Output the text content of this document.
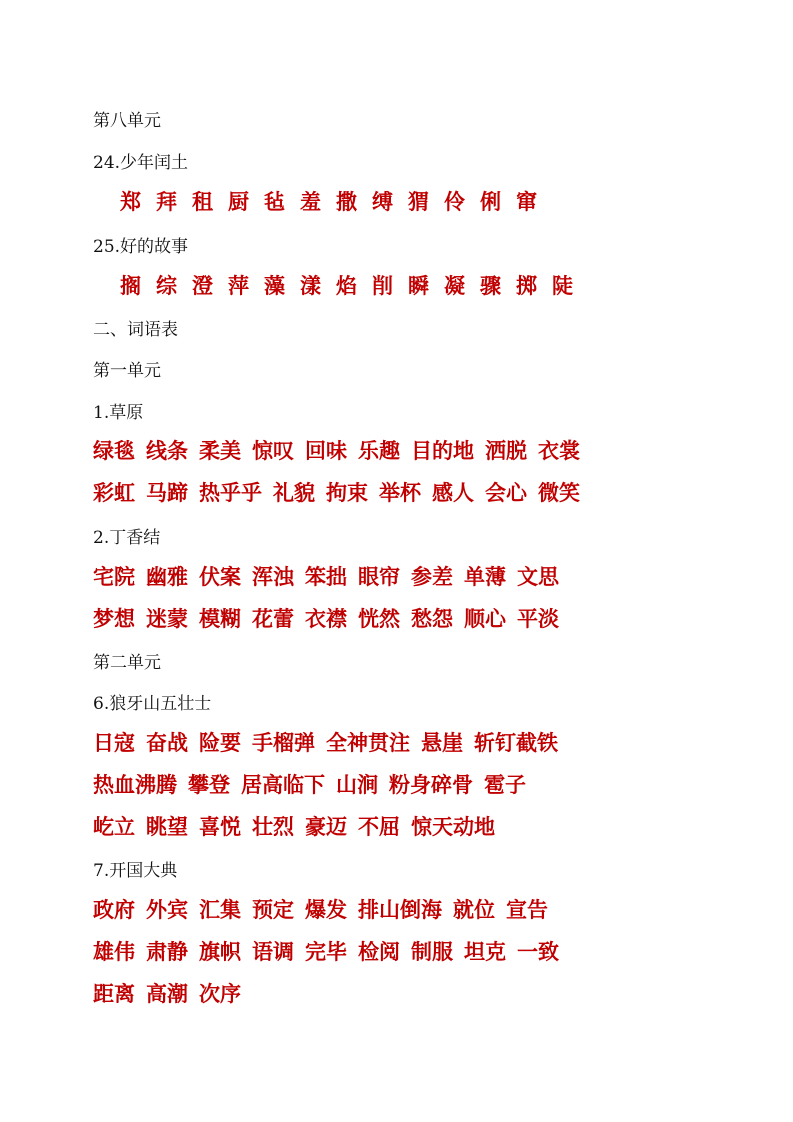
第八单元
24.少年闰土
郑 拜 租 厨 毡 羞 撒 缚 猬 伶 俐 窜
25.好的故事
搁 综 澄 萍 藻 漾 焰 削 瞬 凝 骤 掷 陡
二、词语表
第一单元
1.草原
绿毯 线条 柔美 惊叹 回味 乐趣 目的地 洒脱 衣裳
彩虹 马蹄 热乎乎 礼貌 拘束 举杯 感人 会心 微笑
2.丁香结
宅院 幽雅 伏案 浑浊 笨拙 眼帘 参差 单薄 文思
梦想 迷蒙 模糊 花蕾 衣襟 恍然 愁怨 顺心 平淡
第二单元
6.狼牙山五壮士
日寇 奋战 险要 手榴弹 全神贯注 悬崖 斩钉截铁
热血沸腾 攀登 居高临下 山涧 粉身碎骨 雹子
屹立 眺望 喜悦 壮烈 豪迈 不屈 惊天动地
7.开国大典
政府 外宾 汇集 预定 爆发 排山倒海 就位 宣告
雄伟 肃静 旗帜 语调 完毕 检阅 制服 坦克 一致
距离 高潮 次序
